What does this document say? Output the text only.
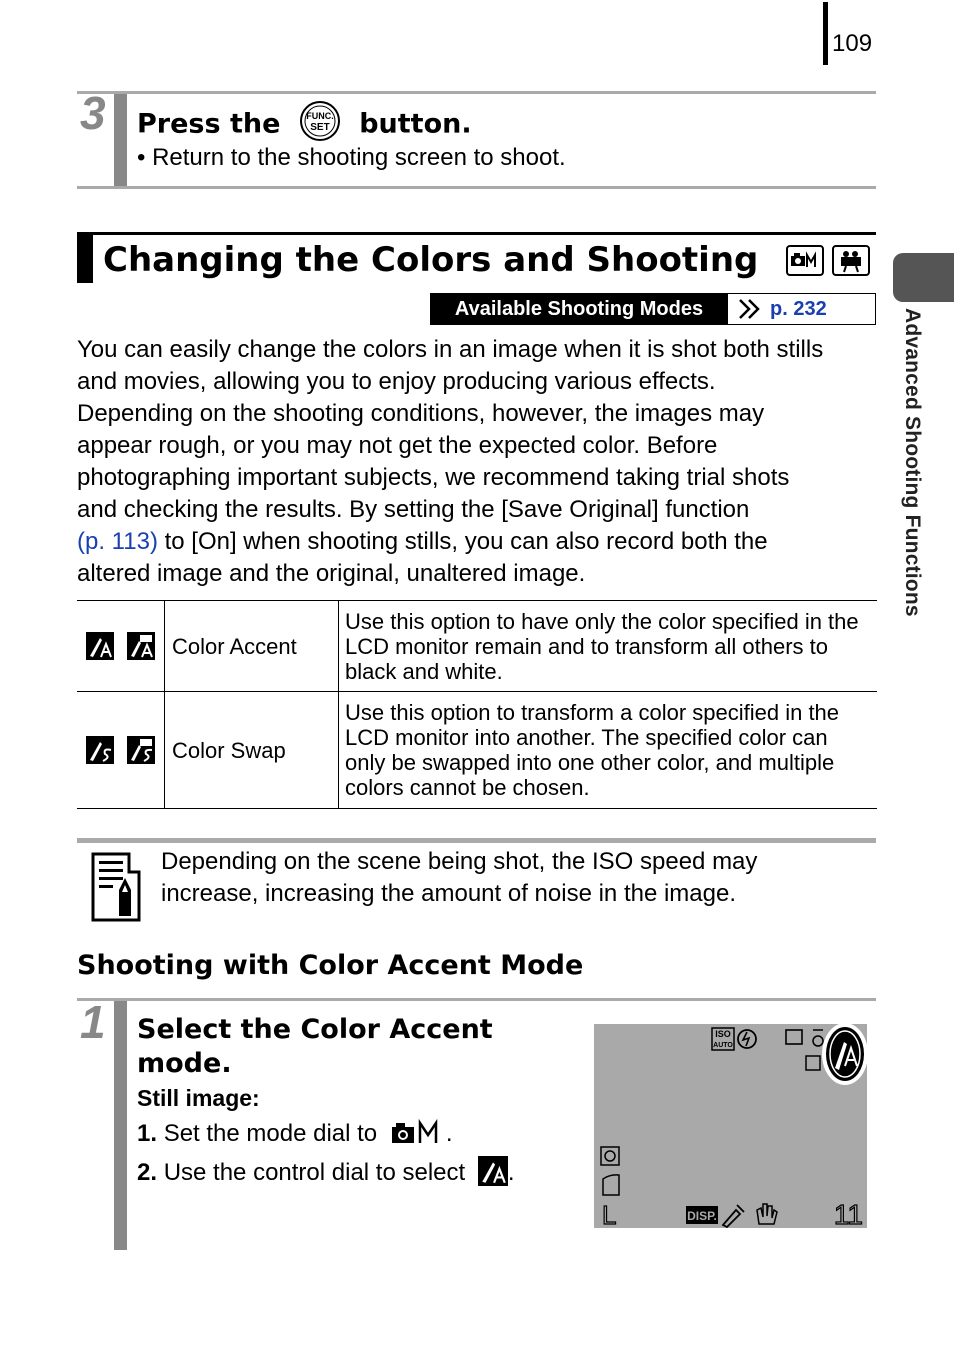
109
Advanced Shooting Functions
3 Press the	FUNC.
SET button.
• Return to the shooting screen to shoot.
Changing the Colors and Shooting
Available Shooting Modes	p. 232
You can easily change the colors in an image when it is shot both stills
and movies, allowing you to enjoy producing various effects.
Depending on the shooting conditions, however, the images may
appear rough, or you may not get the expected color. Before
photographing important subjects, we recommend taking trial shots
and checking the results. By setting the [Save Original] function
(p. 113) to [On] when shooting stills, you can also record both the
altered image and the original, unaltered image.
	Color Accent	Use this option to have only the color specified in the LCD monitor remain and to transform all others to black and white.
	Color Swap	Use this option to transform a color specified in the LCD monitor into another. The specified color can only be swapped into one other color, and multiple colors cannot be chosen.
Depending on the scene being shot, the ISO speed may
increase, increasing the amount of noise in the image.
Shooting with Color Accent Mode
1 Select the Color Accent
mode.
Still image:
1. Set the mode dial to	.
2. Use the control dial to select .
ISO
AUTO
L	DISP.	11
